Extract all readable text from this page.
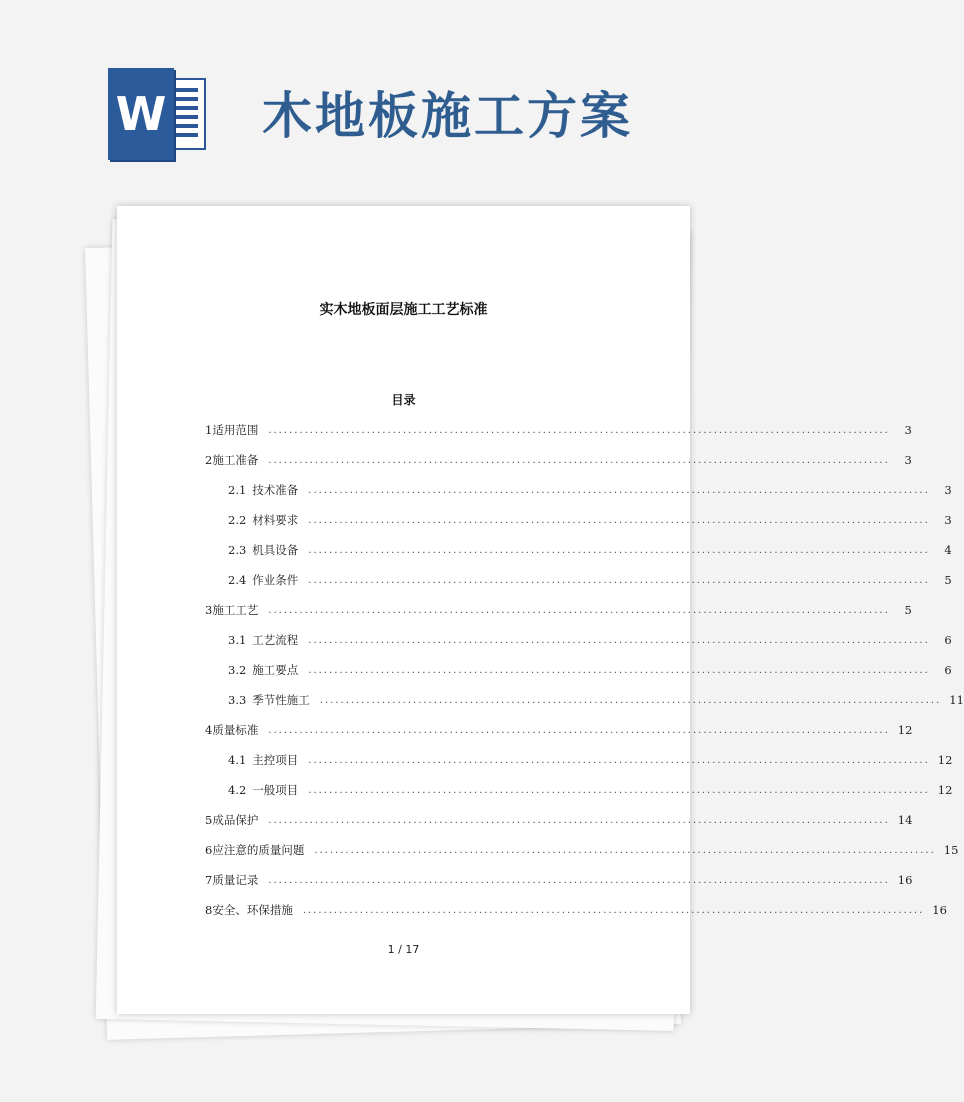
W 木地板施工方案
实木地板面层施工工艺标准
目录
1 适用范围 ........................................................................................................................	3
2 施工准备 ........................................................................................................................	3
2.1 技术准备 ........................................................................................................................	3
2.2 材料要求 ........................................................................................................................	3
2.3 机具设备 ........................................................................................................................	4
2.4 作业条件 ........................................................................................................................	5
3 施工工艺 ........................................................................................................................	5
3.1 工艺流程 ........................................................................................................................	6
3.2 施工要点 ........................................................................................................................	6
3.3 季节性施工 ........................................................................................................................ 11
4 质量标准 ........................................................................................................................ 12
4.1 主控项目 ........................................................................................................................ 12
4.2 一般项目 ........................................................................................................................ 12
5 成品保护 ........................................................................................................................ 14
6 应注意的质量问题 ........................................................................................................................ 15
7 质量记录 ........................................................................................................................ 16
8 安全、环保措施 ........................................................................................................................ 16
1 / 17
